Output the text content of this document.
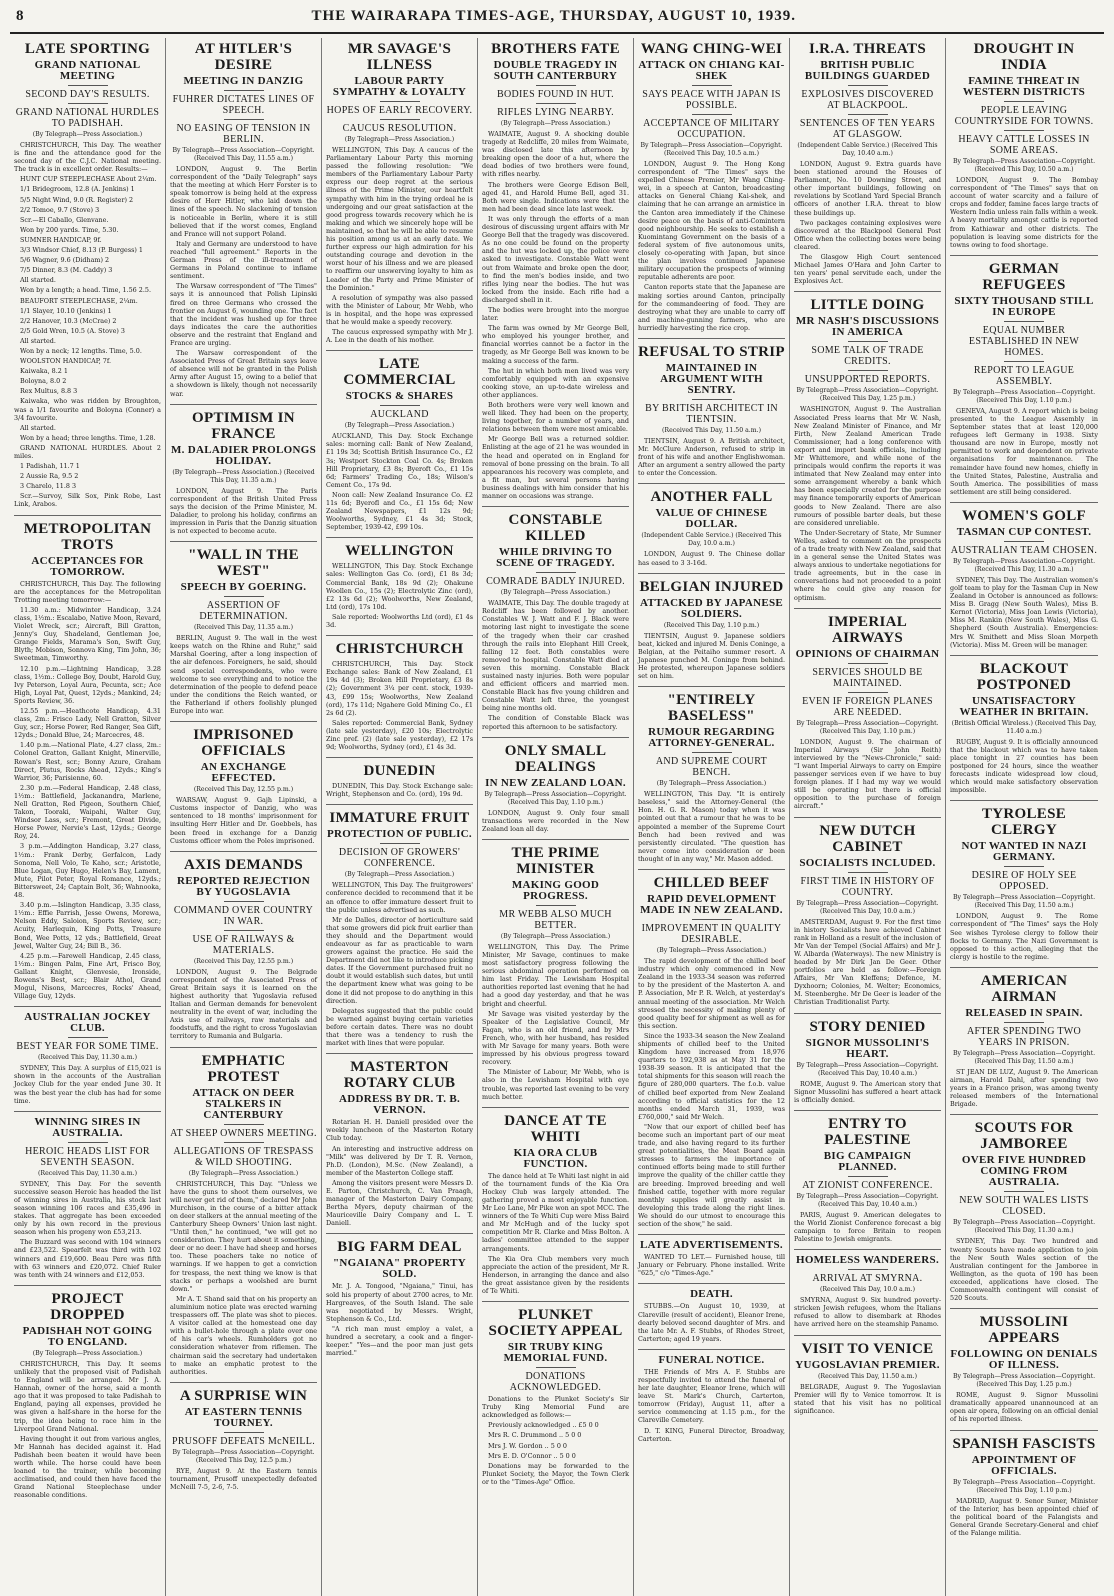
8	THE WAIRARAPA TIMES-AGE, THURSDAY, AUGUST 10, 1939.
LATE SPORTING
GRAND NATIONAL MEETING
SECOND DAY'S RESULTS.
GRAND NATIONAL HURDLES TO PADISHAH.
(By Telegraph—Press Association.)

CHRISTCHURCH, This Day. The weather is fine and the attendance good for the second day of the C.J.C. National meeting. The track is in excellent order. Results:—

HUNT CUP STEEPLECHASE About 2¼m.

1/1 Bridegroom, 12.8 (A. Jenkins) 1

5/5 Night Wind, 9.0 (R. Register) 2

2/2 Tomoe, 9.7 (Stove) 3

Scr.—El Caballo, Glenvane.

Won by 200 yards. Time, 5.30.

SUMNER HANDICAP, 9f.

3/3 Windsor Chief, 8.13 (P. Burgess) 1

5/6 Wagner, 9.6 (Didham) 2

7/5 Dinner, 8.3 (M. Caddy) 3

All started.

Won by a length; a head. Time, 1.56 2.5.

BEAUFORT STEEPLECHASE, 2¼m.

1/1 Slayer, 10.10 (Jenkins) 1

2/2 Hanover, 10.3 (McCrae) 2

2/5 Gold Wren, 10.5 (A. Stove) 3

All started.

Won by a neck; 12 lengths. Time, 5.0.

WOOLSTON HANDICAP, 7f.

Kaiwaka, 8.2 1

Boloyna, 8.0 2

Rex Multus, 8.8 3

Kaiwaka, who was ridden by Broughton, was a 1/1 favourite and Boloyna (Conner) a 3/4 favourite.

All started.

Won by a head; three lengths. Time, 1.28.

GRAND NATIONAL HURDLES. About 2 miles.

1 Padishah, 11.7 1

2 Aussie Ra, 9.5 2

3 Charelo, 11.8 3

Scr.—Survoy, Silk Sox, Pink Robe, Last Link, Arabos.

METROPOLITAN TROTS
ACCEPTANCES FOR TOMORROW.

CHRISTCHURCH, This Day. The following are the acceptances for the Metropolitan Trotting meeting tomorrow:—

11.30 a.m.: Midwinter Handicap, 3.24 class, 1½m.: Escalabo, Native Moon, Revard, Violet Wreck, scr.; Aircraft, Bill Gratton, Jenny's Guy, Shadeland, Gentleman Joe, Grange Fields, Marama's Son, Swift Guy, Blyth; Mobison, Sonnova King, Tim John, 36; Sweetman, Timworthy.

12.10 p.m.—Lightning Handicap, 3.28 class, 1½m.: College Boy, Doubt, Harold Guy, Ivy Peterson, Loyal Aura, Pecunta, scr.; Ace High, Loyal Pat, Quest, 12yds.; Mankind, 24; Sports Review, 36.

12.55 p.m.—Heathcote Handicap, 4.31 class, 2m.: Frisco Lady, Nell Gratton, Silver Guy, scr.; Horse Power, Red Ranger, Sea Gift, 12yds.; Donald Blue, 24; Marcecres, 48.

1.40 p.m.—National Plate, 4.27 class, 2m.: Colonel Gratton, Gallant Knight, Minerville, Rowan's Rest, scr.; Bonny Azure, Graham Direct, Plutus, Rocks Ahead, 12yds.; King's Warrior, 36; Parisienne, 60.

2.30 p.m.—Federal Handicap, 2.48 class, 1½m.: Battlefield, Jackanandra, Marlene, Nell Gratton, Red Pigeon, Southern Chief, Takon, Tooraki, Waipahi, Walter Guy, Windsor Lass, scr.; Fremont, Great Divide, Horse Power, Nervie's Last, 12yds.; George Roy, 24.

3 p.m.—Addington Handicap, 3.27 class, 1½m.: Frank Derby, Gerfalcon, Lady Sonoma, Nell Volo, Te Kaho, scr.; Aristotle, Blue Logan, Guy Hugo, Helen's Bay, Lament, Mute, Pilot Peter, Royal Romance, 12yds.; Bittersweet, 24; Captain Bolt, 36; Wahnooka, 48.

3.40 p.m.—Islington Handicap, 3.35 class, 1½m.: Effie Parrish, Jesse Owens, Morewa, Nelson Eddy, Saloion, Sports Review, scr.; Acuity, Harlequin, King Potts, Treasure Bond, Wee Potts, 12 yds.; Battlefield, Great Jewel, Walter Guy, 24; Bill B., 36.

4.25 p.m.—Farewell Handicap, 2.45 class, 1½m.: Bingen Palm, Fine Art, Frisco Boy, Gallant Knight, Glenvesie, Ironside, Rowens's Best, scr.; Blair Athol, Grand Mogul, Nisons, Marcecres, Rocks' Ahead, Village Guy, 12yds.

AUSTRALIAN JOCKEY CLUB.
BEST YEAR FOR SOME TIME.
(Received This Day, 11.30 a.m.)

SYDNEY, This Day. A surplus of £15,021 is shown in the accounts of the Australian Jockey Club for the year ended June 30. It was the best year the club has had for some time.

WINNING SIRES IN AUSTRALIA.
HEROIC HEADS LIST FOR SEVENTH SEASON.
(Received This Day, 11.30 a.m.)

SYDNEY, This Day. For the seventh successive season Heroic has headed the list of winning sires in Australia, his stock last season winning 106 races and £35,496 in stakes. That aggregate has been exceeded only by his own record in the previous season when his progeny won £53,213.

The Buzzard was second with 104 winners and £23,522. Spearfelt was third with 102 winners and £19,600. Beau Pere was fifth with 63 winners and £20,072. Chief Ruler was tenth with 24 winners and £12,053.

PROJECT DROPPED
PADISHAH NOT GOING TO ENGLAND.
(By Telegraph—Press Association.)

CHRISTCHURCH, This Day. It seems unlikely that the proposed visit of Padishah to England will be arranged. Mr J. A. Hannah, owner of the horse, said a month ago that it was proposed to take Padishah to England, paying all expenses, provided he was given a half-share in the horse for the trip, the idea being to race him in the Liverpool Grand National.

Having thought it out from various angles, Mr Hannah has decided against it. Had Padishah been beaten it would have been worth while. The horse could have been loaned to the trainer, while becoming acclimatised, and could then have faced the Grand National Steeplechase under reasonable conditions.

AT HITLER'S DESIRE
MEETING IN DANZIG
FUHRER DICTATES LINES OF SPEECH.
NO EASING OF TENSION IN BERLIN.
By Telegraph—Press Association—Copyright. (Received This Day, 11.55 a.m.)

LONDON, August 9. The Berlin correspondent of the "Daily Telegraph" says that the meeting at which Herr Forster is to speak tomorrow is being held at the express desire of Herr Hitler, who laid down the lines of the speech. No slackening of tension is noticeable in Berlin, where it is still believed that if the worst comes, England and France will not support Poland.

Italy and Germany are understood to have reached "full agreement." Reports in the German Press of the ill-treatment of Germans in Poland continue to inflame sentiment.

The Warsaw correspondent of "The Times" says it is announced that Polish Lipinski fired on three Germans who crossed the frontier on August 6, wounding one. The fact that the incident was hushed up for three days indicates the care the authorities observe and the restraint that England and France are urging.

The Warsaw correspondent of the Associated Press of Great Britain says leave of absence will not be granted in the Polish Army after August 15, owing to a belief that a showdown is likely, though not necessarily war.

OPTIMISM IN FRANCE
M. DALADIER PROLONGS HOLIDAY.
(By Telegraph—Press Association.) (Received This Day, 11.35 a.m.)

LONDON, August 9. The Paris correspondent of the British United Press says the decision of the Prime Minister, M. Daladier, to prolong his holiday, confirms an impression in Paris that the Danzig situation is not expected to become acute.

"WALL IN THE WEST"
SPEECH BY GOERING.
ASSERTION OF DETERMINATION.
(Received This Day, 11.35 a.m.)

BERLIN, August 9. The wall in the west keeps watch on the Rhine and Ruhr," said Marshal Goering, after a long inspection of the air defences. Foreigners, he said, should send special correspondents, who were welcome to see everything and to notice the determination of the people to defend peace under the conditions the Reich wanted, or the Fatherland if others foolishly plunged Europe into war.

IMPRISONED OFFICIALS
AN EXCHANGE EFFECTED.
(Received This Day, 12.55 p.m.)

WARSAW, August 9. Gajh Lipinski, a Customs inspector of Danzig, who was sentenced to 18 months' imprisonment for insulting Herr Hitler and Dr. Goebbels, has been freed in exchange for a Danzig Customs officer whom the Poles imprisoned.

AXIS DEMANDS
REPORTED REJECTION BY YUGOSLAVIA
COMMAND OVER COUNTRY IN WAR.
USE OF RAILWAYS & MATERIALS.
(Received This Day, 12.55 p.m.)

LONDON, August 9. The Belgrade correspondent of the Associated Press of Great Britain says it is learned on the highest authority that Yugoslavia refused Italian and German demands for benevolent neutrality in the event of war, including the Axis use of railways, raw materials and foodstuffs, and the right to cross Yugoslavian territory to Rumania and Bulgaria.

EMPHATIC PROTEST
ATTACK ON DEER STALKERS IN CANTERBURY
AT SHEEP OWNERS MEETING.
ALLEGATIONS OF TRESPASS & WILD SHOOTING.
(By Telegraph—Press Association.)

CHRISTCHURCH, This Day. "Unless we have the guns to shoot them ourselves, we will never get rid of them," declared Mr John Murchison, in the course of a bitter attack on deer stalkers at the annual meeting of the Canterbury Sheep Owners' Union last night. "Until then," he continued, "we will get no consideration. They hurt about it something, deer or no deer. I have had sheep and horses too. These poachers take no notice of warnings. If we happen to get a conviction for trespass, the next thing we know is that stacks or perhaps a woolshed are burnt down."

Mr A. T. Shand said that on his property an aluminium notice plate was erected warning trespassers off. The plate was shot to pieces. A visitor called at the homestead one day with a bullet-hole through a plate over one of his car's wheels. Rumholders got no consideration whatever from riflemen. The chairman said the secretary had undertaken to make an emphatic protest to the authorities.

A SURPRISE WIN
AT EASTERN TENNIS TOURNEY.
PRUSOFF DEFEATS McNEILL.
By Telegraph—Press Association—Copyright. (Received This Day, 12.5 p.m.)

RYE, August 9. At the Eastern tennis tournament, Prusoff unexpectedly defeated McNeill 7-5, 2-6, 7-5.

MR SAVAGE'S ILLNESS
LABOUR PARTY SYMPATHY & LOYALTY
HOPES OF EARLY RECOVERY.
CAUCUS RESOLUTION.
(By Telegraph—Press Association.)

WELLINGTON, This Day. A caucus of the Parliamentary Labour Party this morning passed the following resolution: "We members of the Parliamentary Labour Party express our deep regret at the serious illness of the Prime Minister, our heartfelt sympathy with him in the trying ordeal he is undergoing and our great satisfaction at the good progress towards recovery which he is making and which we sincerely hope will be maintained, so that he will be able to resume his position among us at an early date. We further express our high admiration for his outstanding courage and devotion in the worst hour of his illness and we are pleased to reaffirm our unswerving loyalty to him as Leader of the Party and Prime Minister of the Dominion."

A resolution of sympathy was also passed with the Minister of Labour, Mr Webb, who is in hospital, and the hope was expressed that he would make a speedy recovery.

The caucus expressed sympathy with Mr J. A. Lee in the death of his mother.

LATE COMMERCIAL
STOCKS & SHARES
AUCKLAND
(By Telegraph—Press Association.)

AUCKLAND, This Day. Stock Exchange sales: morning call: Bank of New Zealand, £1 19s 3d; Scottish British Insurance Co., £2 3s; Westport Stockton Coal Co. 4s; Broken Hill Proprietary, £3 8s; Byeroft Co., £1 15s 6d; Farmers' Trading Co., 18s; Wilson's Cement Co., 17s 9d.

Noon call: New Zealand Insurance Co. £2 11s 6d; Byerofl and Co., £1 15s 6d; New Zealand Newspapers, £1 12s 9d; Woolworths, Sydney, £1 4s 3d; Stock, September, 1939-42, £99 10s.

WELLINGTON

WELLINGTON, This Day. Stock Exchange sales: Wellington Gas Co. (ord), £1 8s 3d; Commercial Bank, 18s 9d (2); Ohakune Woollen Co., 15s (2); Electrolytic Zinc (ord), £2 13s 6d (2); Woolworths, New Zealand, Ltd (ord), 17s 10d.

Sale reported: Woolworths Ltd (ord), £1 4s 3d.

CHRISTCHURCH

CHRISTCHURCH, This Day. Stock Exchange sales: Bank of New Zealand, £1 19s 4d (3); Broken Hill Proprietary, £3 8s (2); Government 3¼ per cent. stock, 1939-43, £99 15s; Woolworths, New Zealand (ord), 17s 11d; Ngahere Gold Mining Co., £1 2s 6d (2).

Sales reported: Commercial Bank, Sydney (late sale yesterday), £20 10s; Electrolytic Zinc pref. (2) (late sale yesterday), £2 17s 9d; Woolworths, Sydney (ord), £1 4s 3d.

DUNEDIN

DUNEDIN, This Day. Stock Exchange sale: Wright, Stephenson and Co. (ord), 19s 9d.

IMMATURE FRUIT
PROTECTION OF PUBLIC.
DECISION OF GROWERS' CONFERENCE.
(By Telegraph—Press Association.)

WELLINGTON, This Day. The fruitgrowers' conference decided to recommend that it be an offence to offer immature dessert fruit to the public unless advertised as such.

Mr de Dalles, director of horticulture said that some growers did pick fruit earlier than they should and the Department would endeavour as far as practicable to warn growers against the practice. He said the Department did not like to introduce picking dates. If the Government purchased fruit no doubt it would establish such dates, but until the department knew what was going to be done it did not propose to do anything in this direction.

Delegates suggested that the public could be warned against buying certain varieties before certain dates. There was no doubt that there was a tendency to rush the market with lines that were popular.

MASTERTON ROTARY CLUB
ADDRESS BY DR. T. B. VERNON.

Rotarian H. H. Daniell presided over the weekly luncheon of the Masterton Rotary Club today.

An interesting and instructive address on "Milk" was delivered by Dr T. R. Vernon, Ph.D. (London), M.Sc. (New Zealand), a member of the Masterton College staff.

Among the visitors present were Messrs D. E. Parton, Christchurch, C. Van Praagh, manager of the Masterton Dairy Company, Bertha Myers, deputy chairman of the Mauriceville Dairy Company and L. T. Daniell.

BIG FARM DEAL
"NGAIANA" PROPERTY SOLD.

Mr. J. A. Tongood, "Ngaiana," Tinui, has sold his property of about 2700 acres, to Mr. Hargreaves, of the South Island. The sale was negotiated by Messrs. Wright, Stephenson & Co., Ltd.

"A rich man must employ a valet, a hundred a secretary, a cook and a finger-keeper." "Yes—and the poor man just gets married."

BROTHERS FATE
DOUBLE TRAGEDY IN SOUTH CANTERBURY
BODIES FOUND IN HUT.
RIFLES LYING NEARBY.
(By Telegraph—Press Association.)

WAIMATE, August 9. A shocking double tragedy at Redcliffe, 20 miles from Waimate, was disclosed late this afternoon by breaking open the door of a hut, where the dead bodies of two brothers were found, with rifles nearby.

The brothers were George Edison Bell, aged 41, and Harold Hume Bell, aged 31. Both were single. Indications were that the men had been dead since late last week.

It was only through the efforts of a man desirous of discussing urgent affairs with Mr George Bell that the tragedy was discovered. As no one could be found on the property and the hut was locked up, the police were asked to investigate. Constable Watt went out from Waimate and broke open the door, to find the men's bodies inside, and two rifles lying near the bodies. The hut was locked from the inside. Each rifle had a discharged shell in it.

The bodies were brought into the morgue later.

The farm was owned by Mr George Bell, who employed his younger brother, and financial worries cannot be a factor in the tragedy, as Mr George Bell was known to be making a success of the farm.

The hut in which both men lived was very comfortably equipped with an expensive cooking stove, an up-to-date wireless and other appliances.

Both brothers were very well known and well liked. They had been on the property, living together, for a number of years, and relations between them were most amicable.

Mr George Bell was a returned soldier. Enlisting at the age of 21 he was wounded in the head and operated on in England for removal of bone pressing on the brain. To all appearances his recovery was complete, and a fit man, but several persons having business dealings with him consider that his manner on occasions was strange.

CONSTABLE KILLED
WHILE DRIVING TO SCENE OF TRAGEDY.
COMRADE BADLY INJURED.
(By Telegraph—Press Association.)

WAIMATE, This Day. The double tragedy at Redcliff has been followed by another. Constables W. J. Watt and F. J. Black were motoring last night to investigate the scene of the tragedy when their car crashed through the rails into Elephant Hill Creek, falling 12 feet. Both constables were removed to hospital. Constable Watt died at seven this morning. Constable Black sustained nasty injuries. Both were popular and efficient officers and married men. Constable Black has five young children and Constable Watt left three, the youngest being nine months old.

The condition of Constable Black was reported this afternoon to be satisfactory.

ONLY SMALL DEALINGS
IN NEW ZEALAND LOAN.
By Telegraph—Press Association—Copyright. (Received This Day, 1.10 p.m.)

LONDON, August 9. Only four small transactions were recorded in the New Zealand loan all day.

THE PRIME MINISTER
MAKING GOOD PROGRESS.
MR WEBB ALSO MUCH BETTER.
(By Telegraph—Press Association.)

WELLINGTON, This Day. The Prime Minister, Mr Savage, continues to make most satisfactory progress following the serious abdominal operation performed on him last Friday. The Lewisham Hospital authorities reported last evening that he had had a good day yesterday, and that he was bright and cheerful.

Mr Savage was visited yesterday by the Speaker of the Legislative Council, Mr Fagan, who is an old friend, and by Mrs French, who, with her husband, has resided with Mr Savage for many years. Both were impressed by his obvious progress toward recovery.

The Minister of Labour, Mr Webb, who is also in the Lewisham Hospital with eye trouble, was reported last evening to be very much better.

DANCE AT TE WHITI
KIA ORA CLUB FUNCTION.

The dance held at Te Whiti last night in aid of the tournament funds of the Kia Ora Hockey Club was largely attended. The gathering proved a most enjoyable function. Mr Leo Lane, Mr Pike won an spot MCC. The winners of the Te Whiti Cup were Miss Baird and Mr McHugh and of the lucky spot competition Mr R. Clarke and Miss Bolton. A ladies' committee attended to the supper arrangements.

The Kia Ora Club members very much appreciate the action of the president, Mr R. Henderson, in arranging the dance and also the great assistance given by the residents of Te Whiti.

PLUNKET SOCIETY APPEAL
SIR TRUBY KING MEMORIAL FUND.
DONATIONS ACKNOWLEDGED.

Donations to the Plunket Society's Sir Truby King Memorial Fund are acknowledged as follows:—

Previously acknowledged .. £5 0 0

Mrs R. C. Drummond .. 5 0 0

Mrs J. W. Gordon .. 5 0 0

Mrs E. D. O'Connor .. 5 0 0

Donations may be forwarded to the Plunket Society, the Mayor, the Town Clerk or to the "Times-Age" Office.

WANG CHING-WEI
ATTACK ON CHIANG KAI-SHEK
SAYS PEACE WITH JAPAN IS POSSIBLE.
ACCEPTANCE OF MILITARY OCCUPATION.
By Telegraph—Press Association—Copyright. (Received This Day, 10.5 a.m.)

LONDON, August 9. The Hong Kong correspondent of "The Times" says the expelled Chinese Premier, Mr Wang Ching-wei, in a speech at Canton, broadcasting attacks on General Chiang Kai-shek, and claiming that he can arrange an armistice in the Canton area immediately if the Chinese desire peace on the basis of anti-Comintern good neighbourship. He seeks to establish a Kuomintang Government on the basis of a federal system of five autonomous units, closely co-operating with Japan, but since the plan involves continued Japanese military occupation the prospects of winning reputable adherents are poor.

Canton reports state that the Japanese are making sorties around Canton, principally for the commandeering of food. They are destroying what they are unable to carry off and machine-gunning farmers, who are hurriedly harvesting the rice crop.

REFUSAL TO STRIP
MAINTAINED IN ARGUMENT WITH SENTRY.
BY BRITISH ARCHITECT IN TIENTSIN.
(Received This Day, 11.50 a.m.)

TIENTSIN, August 9. A British architect, Mr. McClure Anderson, refused to strip in front of his wife and another Englishwoman. After an argument a sentry allowed the party to enter the Concession.

ANOTHER FALL
VALUE OF CHINESE DOLLAR.
(Independent Cable Service.) (Received This Day, 10.0 a.m.)

LONDON, August 9. The Chinese dollar has eased to 3 3-16d.

BELGIAN INJURED
ATTACKED BY JAPANESE SOLDIERS.
(Received This Day, 1.10 p.m.)

TIENTSIN, August 9. Japanese soldiers beat, kicked and injured M. Denis Coninge, a Belgian, at the Peitaiho summer resort. A Japanese punched M. Coninge from behind. He protested, whereupon Japanese soldiers set on him.

"ENTIRELY BASELESS"
RUMOUR REGARDING ATTORNEY-GENERAL.
AND SUPREME COURT BENCH.
(By Telegraph—Press Association.)

WELLINGTON, This Day. "It is entirely baseless," said the Attorney-General (the Hon. H. G. R. Mason) today when it was pointed out that a rumour that he was to be appointed a member of the Supreme Court Bench had been revived and was persistently circulated. "The question has never come into consideration or been thought of in any way," Mr. Mason added.

CHILLED BEEF
RAPID DEVELOPMENT MADE IN NEW ZEALAND.
IMPROVEMENT IN QUALITY DESIRABLE.
(By Telegraph—Press Association.)

The rapid development of the chilled beef industry which only commenced in New Zealand in the 1933-34 season was referred to by the president of the Masterton A. and P. Association, Mr P. R. Welch, at yesterday's annual meeting of the association. Mr Welch stressed the necessity of making plenty of good quality beef for shipment as well as for this section.

Since the 1933-34 season the New Zealand shipments of chilled beef to the United Kingdom have increased from 18,976 quarters to 192,938 as at May 31 for the 1938-39 season. It is anticipated that the total shipments for this season will reach the figure of 280,000 quarters. The f.o.b. value of chilled beef exported from New Zealand according to official statistics for the 12 months ended March 31, 1939, was £760,000," said Mr Welch.

"Now that our export of chilled beef has become such an important part of our meat trade, and also having regard to its further great potentialities, the Meat Board again stresses to farmers the importance of continued efforts being made to still further improve the quality of the chiller cattle they are breeding. Improved breeding and well finished cattle, together with more regular monthly supplies will greatly assist in developing this trade along the right lines. We should do our utmost to encourage this section of the show," he said.

LATE ADVERTISEMENTS.

WANTED TO LET.— Furnished house, till January or February. Phone installed. Write "625," c/o "Times-Age."

DEATH.

STUBBS.—On August 10, 1939, at Clareville (result of accident), Eleanor Irene, dearly beloved second daughter of Mrs. and the late Mr. A. F. Stubbs, of Rhodes Street, Carterton; aged 19 years.

FUNERAL NOTICE.

THE Friends of Mrs A. F. Stubbs are respectfully invited to attend the funeral of her late daughter, Eleanor Irene, which will leave St. Mark's Church, Carterton, tomorrow (Friday), August 11, after a service commencing at 1.15 p.m., for the Clareville Cemetery.

D. T. KING, Funeral Director, Broadway, Carterton.

I.R.A. THREATS
BRITISH PUBLIC BUILDINGS GUARDED
EXPLOSIVES DISCOVERED AT BLACKPOOL.
SENTENCES OF TEN YEARS AT GLASGOW.
(Independent Cable Service.) (Received This Day, 10.40 a.m.)

LONDON, August 9. Extra guards have been stationed around the Houses of Parliament, No. 10 Downing Street, and other important buildings, following on revelations by Scotland Yard Special Branch officers of another I.R.A. threat to blow these buildings up.

Two packages containing explosives were discovered at the Blackpool General Post Office when the collecting boxes were being cleared.

The Glasgow High Court sentenced Michael James O'Hara and John Carter to ten years' penal servitude each, under the Explosives Act.

LITTLE DOING
MR NASH'S DISCUSSIONS IN AMERICA
SOME TALK OF TRADE CREDITS.
UNSUPPORTED REPORTS.
By Telegraph—Press Association—Copyright. (Received This Day, 1.25 p.m.)

WASHINGTON, August 9. The Australian Associated Press learns that Mr W. Nash, New Zealand Minister of Finance, and Mr Firth, New Zealand American Trade Commissioner, had a long conference with export and import bank officials, including Mr Whittemore, and while none of the principals would confirm the reports it was intimated that New Zealand may enter into some arrangement whereby a bank which has been especially created for the purpose may finance temporarily exports of American goods to New Zealand. There are also rumours of possible barter deals, but these are considered unreliable.

The Under-Secretary of State, Mr Sumner Welles, asked to comment on the prospects of a trade treaty with New Zealand, said that in a general sense the United States was always anxious to undertake negotiations for trade agreements, but in the case in conversations had not proceeded to a point where he could give any reason for optimism.

IMPERIAL AIRWAYS
OPINIONS OF CHAIRMAN
SERVICES SHOULD BE MAINTAINED.
EVEN IF FOREIGN PLANES ARE NEEDED.
By Telegraph—Press Association—Copyright. (Received This Day, 1.10 p.m.)

LONDON, August 9. The chairman of Imperial Airways (Sir John Reith) interviewed by the "News-Chronicle," said: "I want Imperial Airways to carry on Empire passenger services even if we have to buy foreign planes. If I had my way we would still be operating but there is official opposition to the purchase of foreign aircraft."

NEW DUTCH CABINET
SOCIALISTS INCLUDED.
FIRST TIME IN HISTORY OF COUNTRY.
By Telegraph—Press Association—Copyright. (Received This Day, 10.0 a.m.)

AMSTERDAM, August 9. For the first time in history Socialists have achieved Cabinet rank in Holland as a result of the inclusion of Mr Van der Tempel (Social Affairs) and Mr J. W. Albarda (Waterways). The new Ministry is headed by Mr Dirk Jan De Geer. Other portfolios are held as follow:—Foreign Affairs, Mr Van Kleffens; Defence, M. Dyxhoorn; Colonies, M. Welter; Economics, M. Steenberghe. Mr De Geer is leader of the Christian Traditionalist Party.

STORY DENIED
SIGNOR MUSSOLINI'S HEART.
By Telegraph—Press Association—Copyright. (Received This Day, 10.40 a.m.)

ROME, August 9. The American story that Signor Mussolini has suffered a heart attack is officially denied.

ENTRY TO PALESTINE
BIG CAMPAIGN PLANNED.
AT ZIONIST CONFERENCE.
By Telegraph—Press Association—Copyright. (Received This Day, 10.40 a.m.)

PARIS, August 9. American delegates to the World Zionist Conference forecast a big campaign to force Britain to reopen Palestine to Jewish emigrants.

HOMELESS WANDERERS.
ARRIVAL AT SMYRNA.
(Received This Day, 10.0 a.m.)

SMYRNA, August 9. Six hundred poverty-stricken Jewish refugees, whom the Italians refused to allow to disembark at Rhodes have arrived here on the steamship Panamo.

VISIT TO VENICE
YUGOSLAVIAN PREMIER.
(Received This Day, 11.50 a.m.)

BELGRADE, August 9. The Yugoslavian Premier will fly to Venice tomorrow. It is stated that his visit has no political significance.

DROUGHT IN INDIA
FAMINE THREAT IN WESTERN DISTRICTS
PEOPLE LEAVING COUNTRYSIDE FOR TOWNS.
HEAVY CATTLE LOSSES IN SOME AREAS.
By Telegraph—Press Association—Copyright. (Received This Day, 10.50 a.m.)

LONDON, August 9. The Bombay correspondent of "The Times" says that on account of water scarcity and a failure of crops and fodder, famine faces large tracts of Western India unless rain falls within a week. A heavy mortality amongst cattle is reported from Kathiawar and other districts. The population is leaving some districts for the towns owing to food shortage.

GERMAN REFUGEES
SIXTY THOUSAND STILL IN EUROPE
EQUAL NUMBER ESTABLISHED IN NEW HOMES.
REPORT TO LEAGUE ASSEMBLY.
By Telegraph—Press Association—Copyright. (Received This Day, 1.10 p.m.)

GENEVA, August 9. A report which is being presented to the League Assembly in September states that at least 120,000 refugees left Germany in 1938. Sixty thousand are now in Europe, mostly not permitted to work and dependent on private organisations for maintenance. The remainder have found new homes, chiefly in the United States, Palestine, Australia and South America. The possibilities of mass settlement are still being considered.

WOMEN'S GOLF
TASMAN CUP CONTEST.
AUSTRALIAN TEAM CHOSEN.
By Telegraph—Press Association—Copyright. (Received This Day, 11.30 a.m.)

SYDNEY, This Day. The Australian women's golf team to play for the Tasman Cup in New Zealand in October is announced as follows: Miss B. Gragg (New South Wales), Miss B. Kernot (Victoria), Miss Joan Lewis (Victoria), Miss M. Rankin (New South Wales), Miss G. Shepherd (South Australia). Emergencies: Mrs W. Smithett and Miss Sloan Morpeth (Victoria). Miss M. Green will be manager.

BLACKOUT POSTPONED
UNSATISFACTORY WEATHER IN BRITAIN.
(British Official Wireless.) (Received This Day, 11.40 a.m.)

RUGBY, August 9. It is officially announced that the blackout which was to have taken place tonight in 27 counties has been postponed for 24 hours, since the weather forecasts indicate widespread low cloud, which would make satisfactory observation impossible.

TYROLESE CLERGY
NOT WANTED IN NAZI GERMANY.
DESIRE OF HOLY SEE OPPOSED.
By Telegraph—Press Association—Copyright. (Received This Day, 11.50 a.m.)

LONDON, August 9. The Rome correspondent of "The Times" says the Holy See wishes Tyrolese clergy to follow their flocks to Germany. The Nazi Government is opposed to this action, alleging that the clergy is hostile to the regime.

AMERICAN AIRMAN
RELEASED IN SPAIN.
AFTER SPENDING TWO YEARS IN PRISON.
By Telegraph—Press Association—Copyright. (Received This Day, 11.50 a.m.)

ST JEAN DE LUZ, August 9. The American airman, Harold Dahl, after spending two years in a Franco prison, was among twenty released members of the International Brigade.

SCOUTS FOR JAMBOREE
OVER FIVE HUNDRED COMING FROM AUSTRALIA.
NEW SOUTH WALES LISTS CLOSED.
By Telegraph—Press Association—Copyright. (Received This Day, 11.30 a.m.)

SYDNEY, This Day. Two hundred and twenty Scouts have made application to join the New South Wales section of the Australian contingent for the Jamboree in Wellington, as the quota of 190 has been exceeded, applications have closed. The Commonwealth contingent will consist of 520 Scouts.

MUSSOLINI APPEARS
FOLLOWING ON DENIALS OF ILLNESS.
By Telegraph—Press Association—Copyright. (Received This Day, 1.25 p.m.)

ROME, August 9. Signor Mussolini dramatically appeared unannounced at an open air opera, following on an official denial of his reported illness.

SPANISH FASCISTS
APPOINTMENT OF OFFICIALS.
By Telegraph—Press Association—Copyright. (Received This Day, 1.10 p.m.)

MADRID, August 9. Senor Suner, Minister of the Interior, has been appointed chief of the political board of the Falangists and General Grande Secretary-General and chief of the Falange militia.
